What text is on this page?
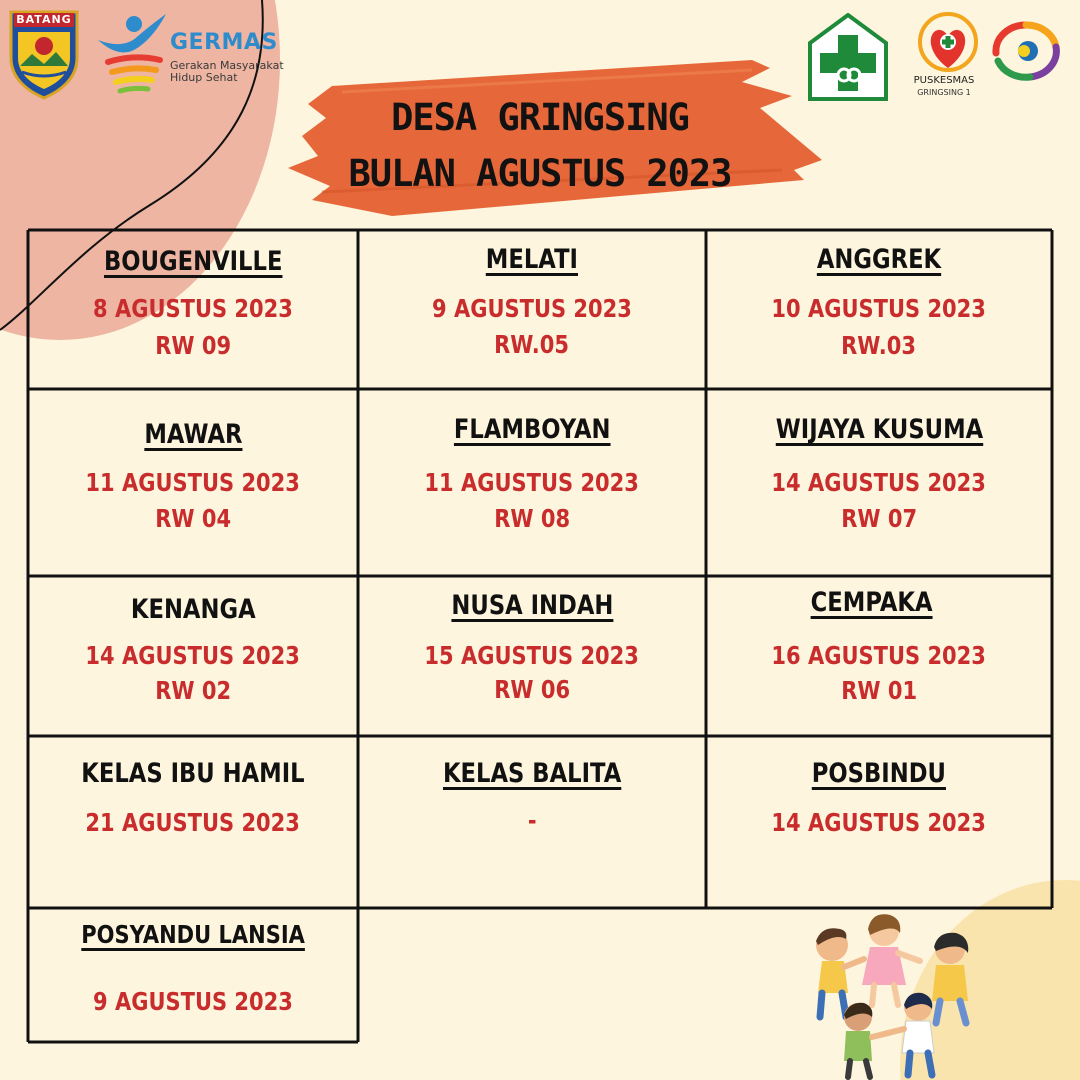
BATANG
GERMAS
Gerakan Masyarakat
Hidup Sehat	PUSKESMAS
GRINGSING 1
DESA GRINGSING
BULAN AGUSTUS 2023
BOUGENVILLE
8 AGUSTUS 2023
RW 09
MELATI
9 AGUSTUS 2023
RW.05
ANGGREK
10 AGUSTUS 2023
RW.03
MAWAR
11 AGUSTUS 2023
RW 04
FLAMBOYAN
11 AGUSTUS 2023
RW 08
WIJAYA KUSUMA
14 AGUSTUS 2023
RW 07
KENANGA
14 AGUSTUS 2023
RW 02
NUSA INDAH
15 AGUSTUS 2023
RW 06
CEMPAKA
16 AGUSTUS 2023
RW 01
KELAS IBU HAMIL
21 AGUSTUS 2023
KELAS BALITA
-
POSBINDU
14 AGUSTUS 2023
POSYANDU LANSIA
9 AGUSTUS 2023
